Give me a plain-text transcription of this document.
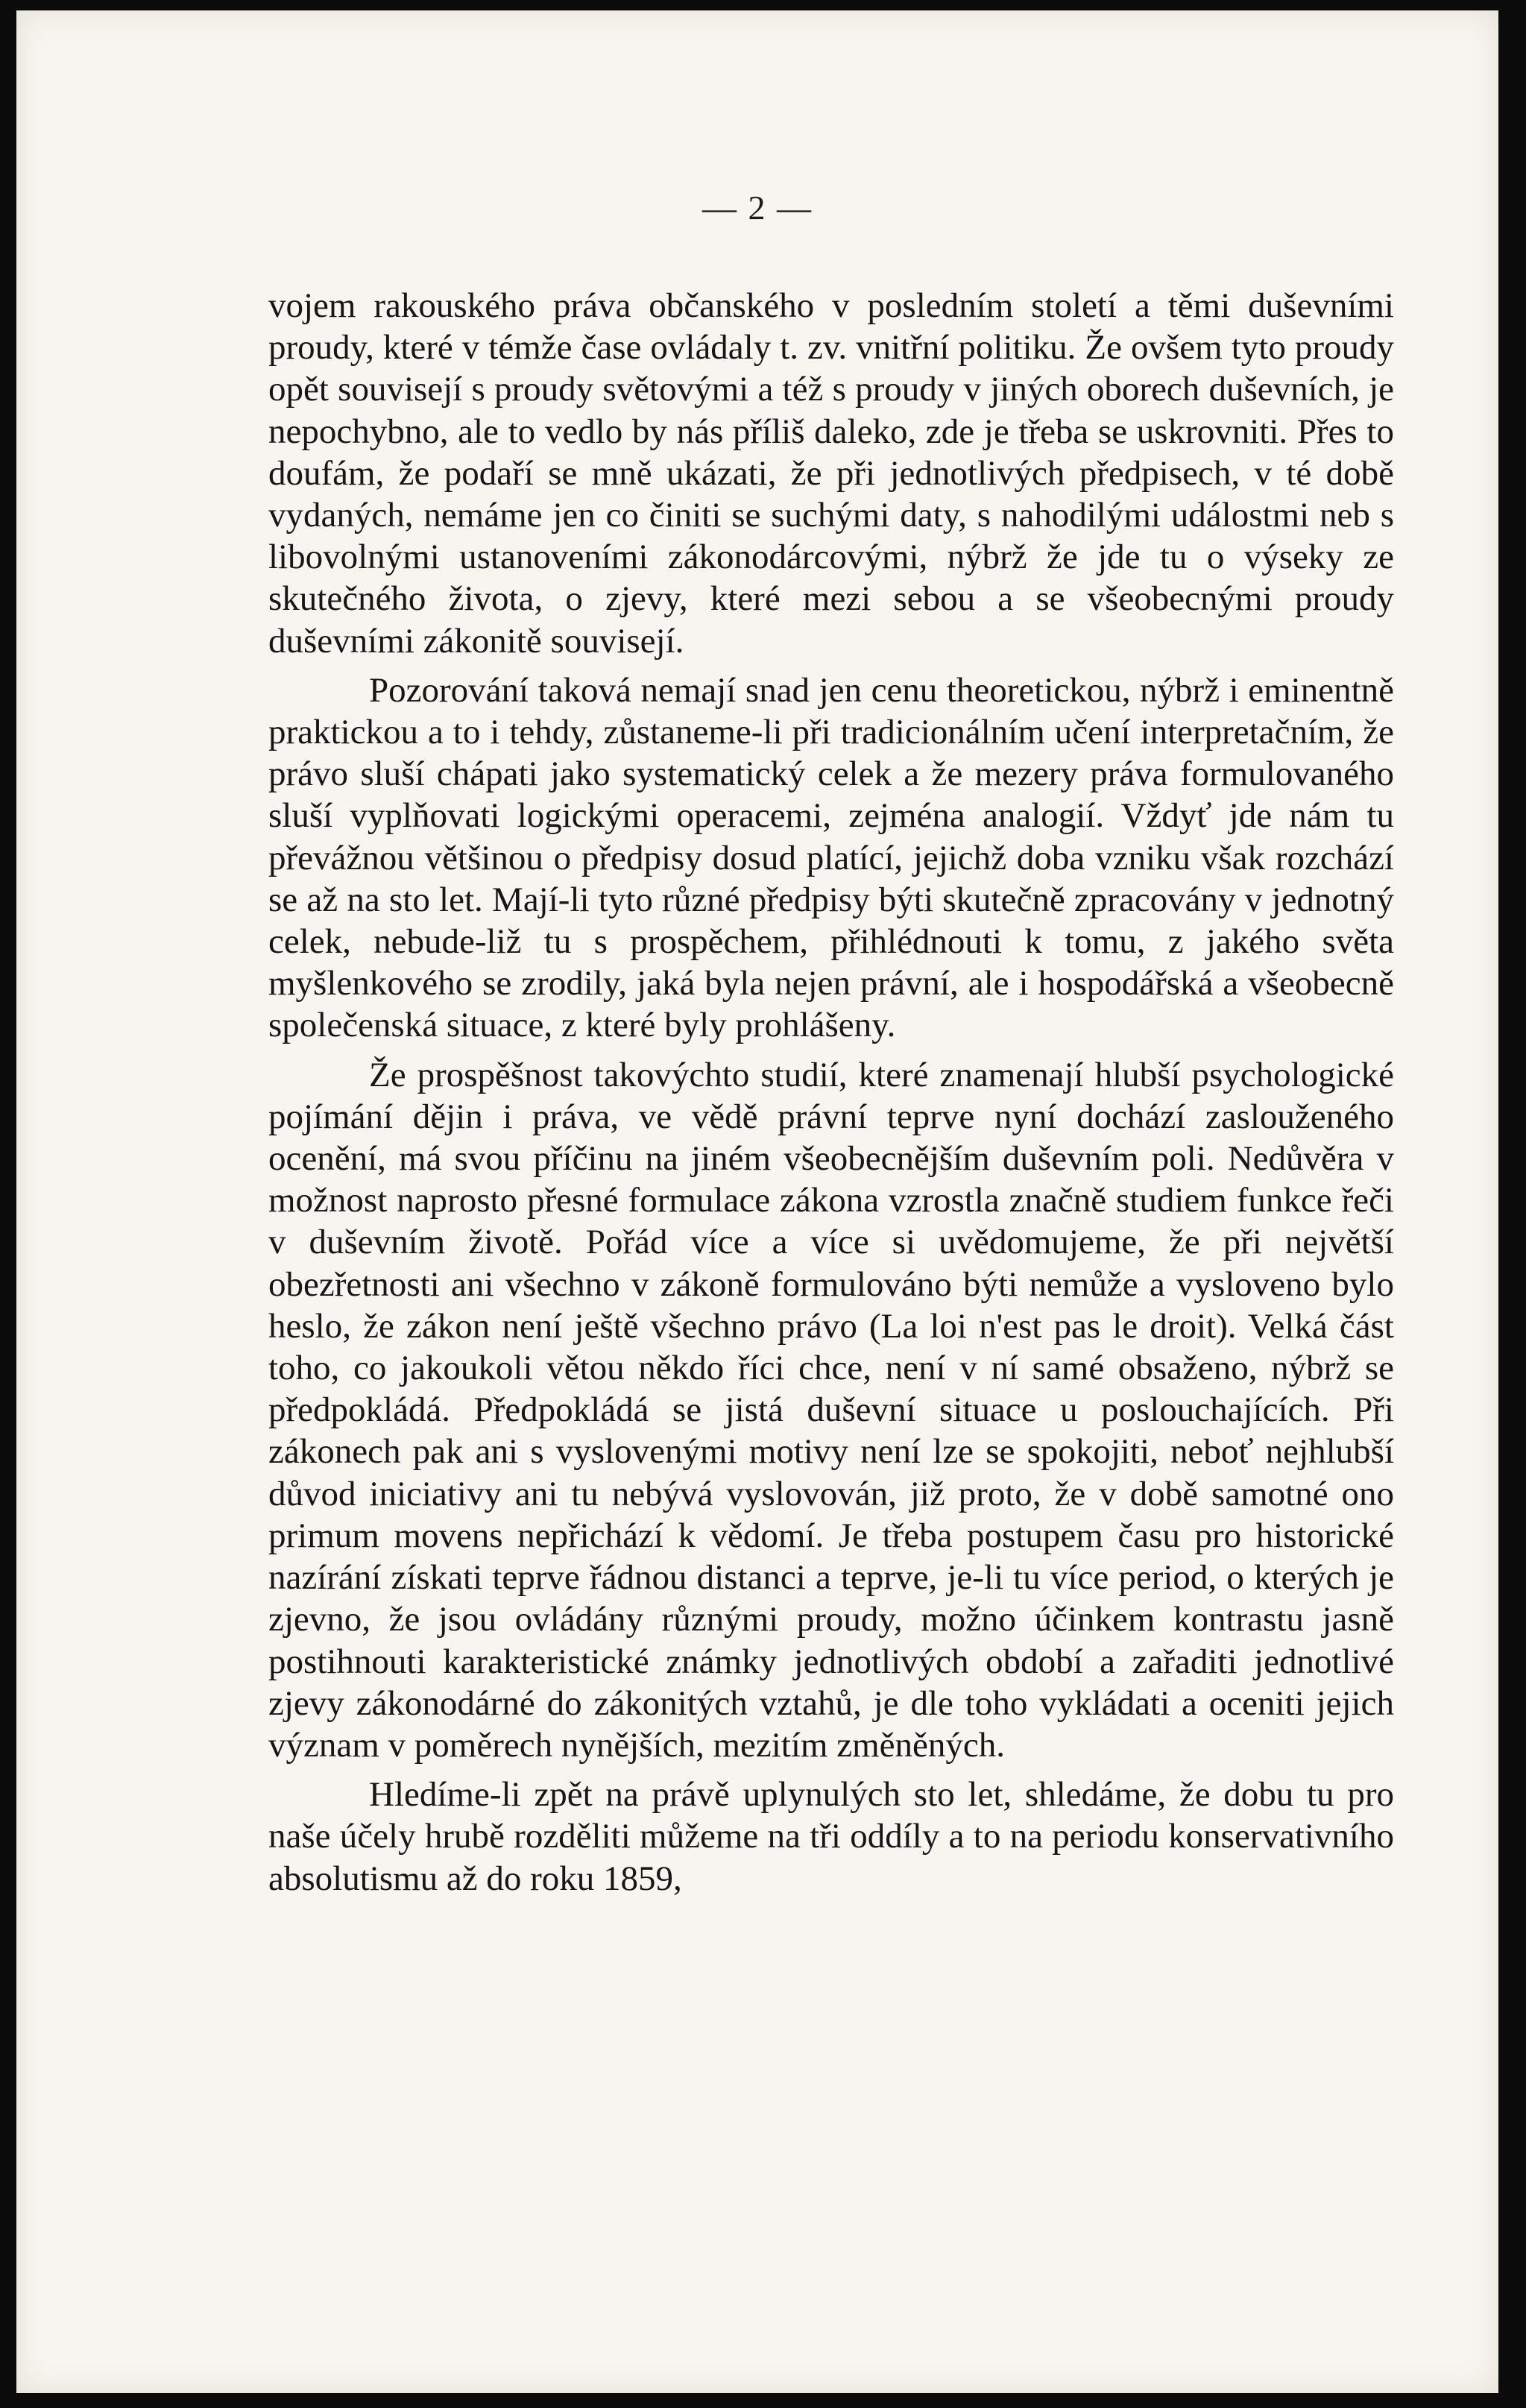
— 2 —

vojem rakouského práva občanského v posledním století a těmi duševními proudy, které v témže čase ovládaly t. zv. vnitřní politiku. Že ovšem tyto proudy opět souvisejí s proudy světovými a též s proudy v jiných oborech duševních, je nepochybno, ale to vedlo by nás příliš daleko, zde je třeba se uskrovniti. Přes to doufám, že podaří se mně ukázati, že při jednotlivých předpisech, v té době vydaných, nemáme jen co činiti se suchými daty, s nahodilými událostmi neb s libovolnými ustanoveními zákonodárcovými, nýbrž že jde tu o výseky ze skutečného života, o zjevy, které mezi sebou a se všeobecnými proudy duševními zákonitě souvisejí.

Pozorování taková nemají snad jen cenu theoretickou, nýbrž i eminentně praktickou a to i tehdy, zůstaneme-li při tradicionálním učení interpretačním, že právo sluší chápati jako systematický celek a že mezery práva formulovaného sluší vyplňovati logickými operacemi, zejména analogií. Vždyť jde nám tu převážnou většinou o předpisy dosud platící, jejichž doba vzniku však rozchází se až na sto let. Mají-li tyto různé předpisy býti skutečně zpracovány v jednotný celek, nebude-liž tu s prospěchem, přihlédnouti k tomu, z jakého světa myšlenkového se zrodily, jaká byla nejen právní, ale i hospodářská a všeobecně společenská situace, z které byly prohlášeny.

Že prospěšnost takovýchto studií, které znamenají hlubší psychologické pojímání dějin i práva, ve vědě právní teprve nyní dochází zaslouženého ocenění, má svou příčinu na jiném všeobecnějším duševním poli. Nedůvěra v možnost naprosto přesné formulace zákona vzrostla značně studiem funkce řeči v duševním životě. Pořád více a více si uvědomujeme, že při největší obezřetnosti ani všechno v zákoně formulováno býti nemůže a vysloveno bylo heslo, že zákon není ještě všechno právo (La loi n'est pas le droit). Velká část toho, co jakoukoli větou někdo říci chce, není v ní samé obsaženo, nýbrž se předpokládá. Předpokládá se jistá duševní situace u poslouchajících. Při zákonech pak ani s vyslovenými motivy není lze se spokojiti, neboť nejhlubší důvod iniciativy ani tu nebývá vyslovován, již proto, že v době samotné ono primum movens nepřichází k vědomí. Je třeba postupem času pro historické nazírání získati teprve řádnou distanci a teprve, je-li tu více period, o kterých je zjevno, že jsou ovládány různými proudy, možno účinkem kontrastu jasně postihnouti karakteristické známky jednotlivých období a zařaditi jednotlivé zjevy zákonodárné do zákonitých vztahů, je dle toho vykládati a oceniti jejich význam v poměrech nynějších, mezitím změněných.

Hledíme-li zpět na právě uplynulých sto let, shledáme, že dobu tu pro naše účely hrubě rozděliti můžeme na tři oddíly a to na periodu konservativního absolutismu až do roku 1859,
